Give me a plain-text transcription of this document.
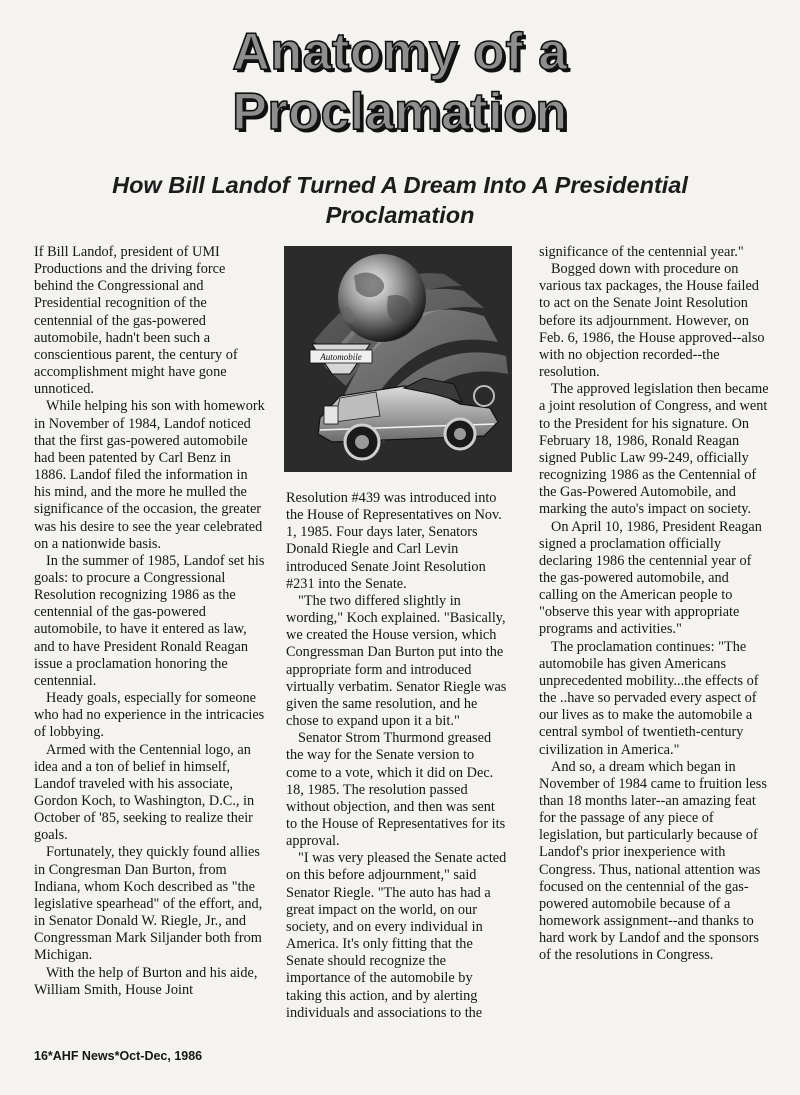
Anatomy of a
Proclamation
How Bill Landof Turned A Dream Into A Presidential Proclamation

If Bill Landof, president of UMI Productions and the driving force behind the Congressional and Presidential recognition of the centennial of the gas-powered automobile, hadn't been such a conscientious parent, the century of accomplishment might have gone unnoticed.

While helping his son with homework in November of 1984, Landof noticed that the first gas-powered automobile had been patented by Carl Benz in 1886. Landof filed the information in his mind, and the more he mulled the significance of the occasion, the greater was his desire to see the year celebrated on a nationwide basis.

In the summer of 1985, Landof set his goals: to procure a Congressional Resolution recognizing 1986 as the centennial of the gas-powered automobile, to have it entered as law, and to have President Ronald Reagan issue a proclamation honoring the centennial.

Heady goals, especially for someone who had no experience in the intricacies of lobbying.

Armed with the Centennial logo, an idea and a ton of belief in himself, Landof traveled with his associate, Gordon Koch, to Washington, D.C., in October of '85, seeking to realize their goals.

Fortunately, they quickly found allies in Congresman Dan Burton, from Indiana, whom Koch described as "the legislative spearhead" of the effort, and, in Senator Donald W. Riegle, Jr., and Congressman Mark Siljander both from Michigan.

With the help of Burton and his aide, William Smith, House Joint

Automobile

Resolution #439 was introduced into the House of Representatives on Nov. 1, 1985. Four days later, Senators Donald Riegle and Carl Levin introduced Senate Joint Resolution #231 into the Senate.

"The two differed slightly in wording," Koch explained. "Basically, we created the House version, which Congressman Dan Burton put into the appropriate form and introduced virtually verbatim. Senator Riegle was given the same resolution, and he chose to expand upon it a bit."

Senator Strom Thurmond greased the way for the Senate version to come to a vote, which it did on Dec. 18, 1985. The resolution passed without objection, and then was sent to the House of Representatives for its approval.

"I was very pleased the Senate acted on this before adjournment," said Senator Riegle. "The auto has had a great impact on the world, on our society, and on every individual in America. It's only fitting that the Senate should recognize the importance of the automobile by taking this action, and by alerting individuals and associations to the

significance of the centennial year."

Bogged down with procedure on various tax packages, the House failed to act on the Senate Joint Resolution before its adjournment. However, on Feb. 6, 1986, the House approved--also with no objection recorded--the resolution.

The approved legislation then became a joint resolution of Congress, and went to the President for his signature. On February 18, 1986, Ronald Reagan signed Public Law 99-249, officially recognizing 1986 as the Centennial of the Gas-Powered Automobile, and marking the auto's impact on society.

On April 10, 1986, President Reagan signed a proclamation officially declaring 1986 the centennial year of the gas-powered automobile, and calling on the American people to "observe this year with appropriate programs and activities."

The proclamation continues: "The automobile has given Americans unprecedented mobility...the effects of the ..have so pervaded every aspect of our lives as to make the automobile a central symbol of twentieth-century civilization in America."

And so, a dream which began in November of 1984 came to fruition less than 18 months later--an amazing feat for the passage of any piece of legislation, but particularly because of Landof's prior inexperience with Congress. Thus, national attention was focused on the centennial of the gas-powered automobile because of a homework assignment--and thanks to hard work by Landof and the sponsors of the resolutions in Congress.

16*AHF News*Oct-Dec, 1986
